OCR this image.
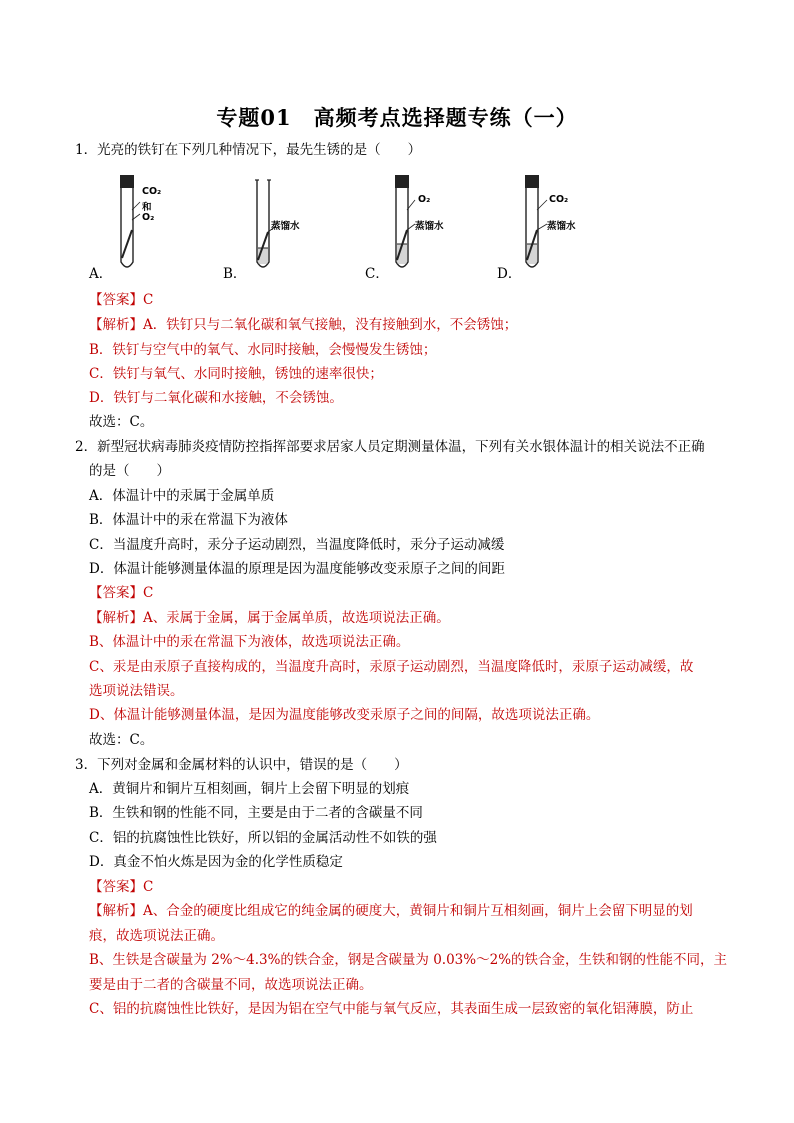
专题01　高频考点选择题专练（一）
1．光亮的铁钉在下列几种情况下，最先生锈的是（　　）
CO₂
和
O₂
A．
蒸馏水
B．
O₂
蒸馏水
C．
CO₂
蒸馏水
D．
【答案】C
【解析】A．铁钉只与二氧化碳和氧气接触，没有接触到水，不会锈蚀；
B．铁钉与空气中的氧气、水同时接触，会慢慢发生锈蚀；
C．铁钉与氧气、水同时接触，锈蚀的速率很快；
D．铁钉与二氧化碳和水接触，不会锈蚀。
故选：C。
2．新型冠状病毒肺炎疫情防控指挥部要求居家人员定期测量体温，下列有关水银体温计的相关说法不正确
的是（　　）
A．体温计中的汞属于金属单质
B．体温计中的汞在常温下为液体
C．当温度升高时，汞分子运动剧烈，当温度降低时，汞分子运动减缓
D．体温计能够测量体温的原理是因为温度能够改变汞原子之间的间距
【答案】C
【解析】A、汞属于金属，属于金属单质，故选项说法正确。
B、体温计中的汞在常温下为液体，故选项说法正确。
C、汞是由汞原子直接构成的，当温度升高时，汞原子运动剧烈，当温度降低时，汞原子运动减缓，故
选项说法错误。
D、体温计能够测量体温，是因为温度能够改变汞原子之间的间隔，故选项说法正确。
故选：C。
3．下列对金属和金属材料的认识中，错误的是（　　）
A．黄铜片和铜片互相刻画，铜片上会留下明显的划痕
B．生铁和钢的性能不同，主要是由于二者的含碳量不同
C．铝的抗腐蚀性比铁好，所以铝的金属活动性不如铁的强
D．真金不怕火炼是因为金的化学性质稳定
【答案】C
【解析】A、合金的硬度比组成它的纯金属的硬度大，黄铜片和铜片互相刻画，铜片上会留下明显的划
痕，故选项说法正确。
B、生铁是含碳量为 2%～4.3%的铁合金，钢是含碳量为 0.03%～2%的铁合金，生铁和钢的性能不同，主
要是由于二者的含碳量不同，故选项说法正确。
C、铝的抗腐蚀性比铁好，是因为铝在空气中能与氧气反应，其表面生成一层致密的氧化铝薄膜，防止
